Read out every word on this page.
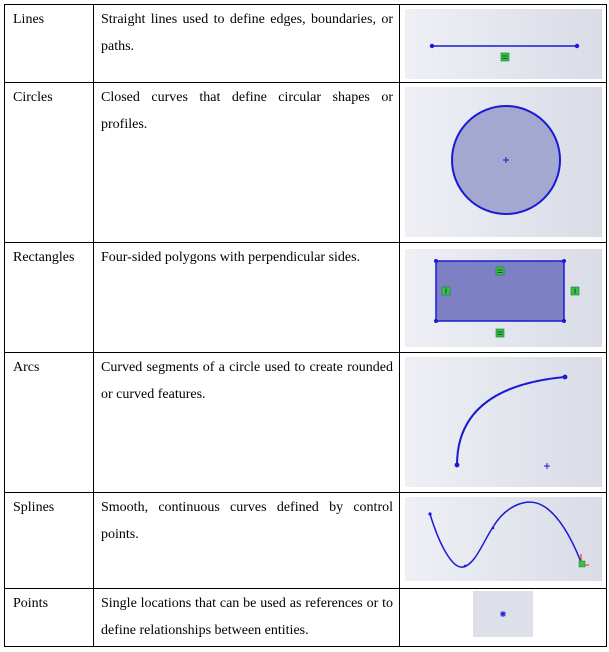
Lines	Straight lines used to define edges, boundaries, or paths.

Circles	Closed curves that define circular shapes or profiles.

Rectangles	Four-sided polygons with perpendicular sides.

Arcs	Curved segments of a circle used to create rounded or curved features.

Splines	Smooth, continuous curves defined by control points.

Points	Single locations that can be used as references or to define relationships between entities.
